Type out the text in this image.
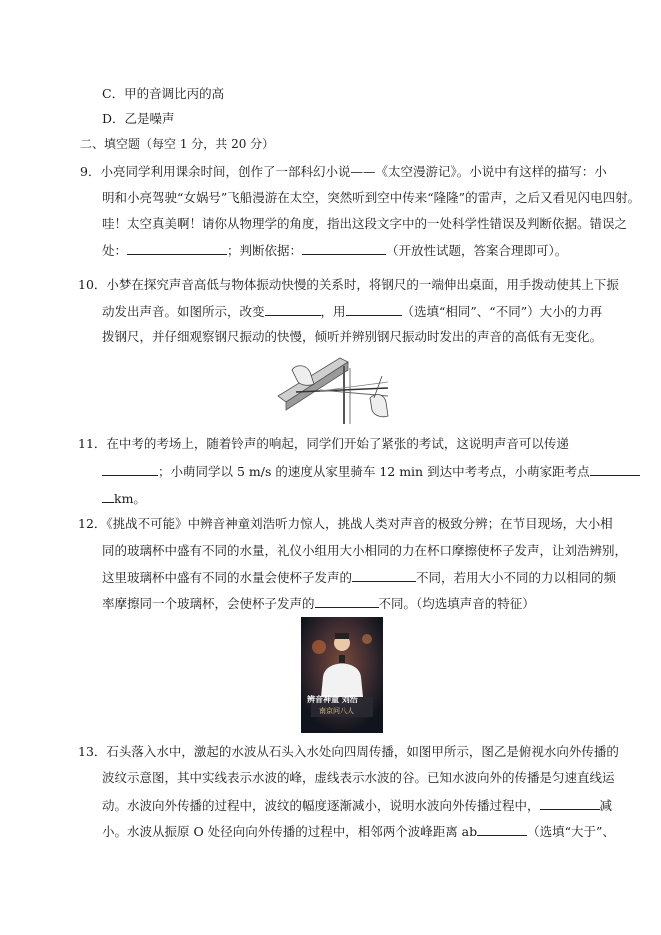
C．甲的音调比丙的高
D．乙是噪声
二、填空题（每空 1 分，共 20 分）
9．小亮同学利用课余时间，创作了一部科幻小说——《太空漫游记》。小说中有这样的描写：小
明和小亮驾驶“女娲号”飞船漫游在太空，突然听到空中传来“隆隆”的雷声，之后又看见闪电四射。
哇！太空真美啊！请你从物理学的角度，指出这段文字中的一处科学性错误及判断依据。错误之
处：	；判断依据：	（开放性试题，答案合理即可）。
10．小梦在探究声音高低与物体振动快慢的关系时，将钢尺的一端伸出桌面，用手拨动使其上下振
动发出声音。如图所示，改变	，用	（选填“相同”、“不同”）大小的力再
拨钢尺，并仔细观察钢尺振动的快慢，倾听并辨别钢尺振动时发出的声音的高低有无变化。
11．在中考的考场上，随着铃声的响起，同学们开始了紧张的考试，这说明声音可以传递
；小萌同学以 5 m/s 的速度从家里骑车 12 min 到达中考考点，小萌家距考点
km。
12．《挑战不可能》中辨音神童刘浩听力惊人，挑战人类对声音的极致分辨；在节目现场，大小相
同的玻璃杯中盛有不同的水量，礼仪小组用大小相同的力在杯口摩擦使杯子发声，让刘浩辨别，
这里玻璃杯中盛有不同的水量会使杯子发声的	不同，若用大小不同的力以相同的频
率摩擦同一个玻璃杯，会使杯子发声的	不同。（均选填声音的特征）
辨音神童 刘浩
南京问八人
13．石头落入水中，激起的水波从石头入水处向四周传播，如图甲所示，图乙是俯视水向外传播的
波纹示意图，其中实线表示水波的峰，虚线表示水波的谷。已知水波向外的传播是匀速直线运
动。水波向外传播的过程中，波纹的幅度逐渐减小，说明水波向外传播过程中，	减
小。水波从振原 O 处径向向外传播的过程中，相邻两个波峰距离 ab	（选填“大于”、
